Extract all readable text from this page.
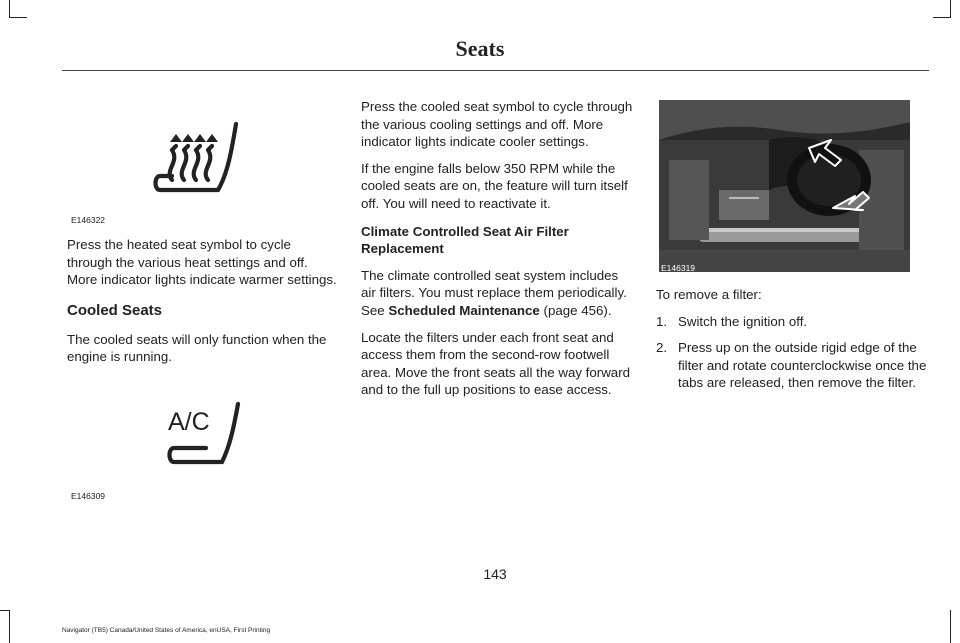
Seats
E146322

Press the heated seat symbol to cycle through the various heat settings and off. More indicator lights indicate warmer settings.

Cooled Seats

The cooled seats will only function when the engine is running.

A/C
E146309

Press the cooled seat symbol to cycle through the various cooling settings and off. More indicator lights indicate cooler settings.

If the engine falls below 350 RPM while the cooled seats are on, the feature will turn itself off. You will need to reactivate it.

Climate Controlled Seat Air Filter Replacement

The climate controlled seat system includes air filters. You must replace them periodically. See Scheduled Maintenance (page 456).

Locate the filters under each front seat and access them from the second-row footwell area. Move the front seats all the way forward and to the full up positions to ease access.

E146319

To remove a filter:

1. Switch the ignition off.
2. Press up on the outside rigid edge of the filter and rotate counterclockwise once the tabs are released, then remove the filter.
143
Navigator (TB5) Canada/United States of America, enUSA, First Printing
